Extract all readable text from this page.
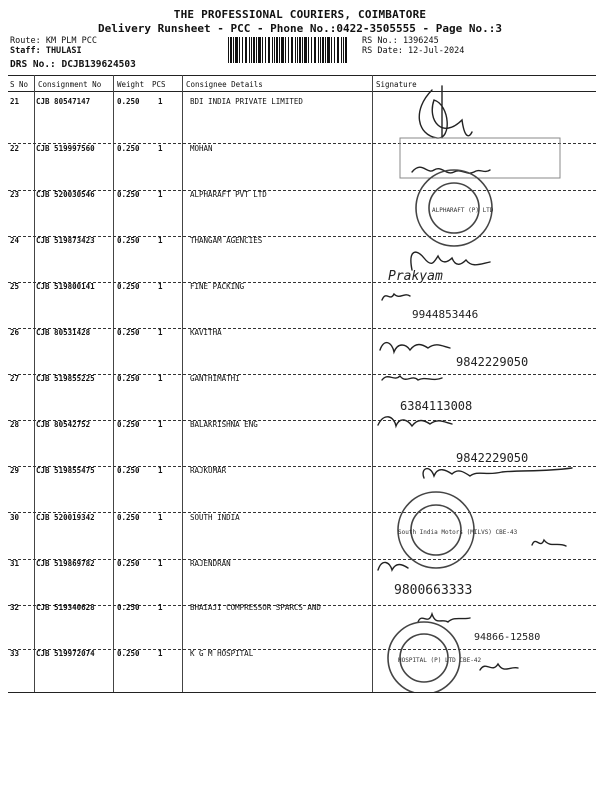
THE PROFESSIONAL COURIERS, COIMBATORE
Delivery Runsheet - PCC - Phone No.:0422-3505555 - Page No.:3
Route: KM PLM PCC
Staff: THULASI
DRS No.: DCJB139624503
RS No.: 1396245
RS Date: 12-Jul-2024
S No Consignment No Weight PCS	Consignee Details	Signature
21 CJB 80547147	0.250 1	BDI INDIA PRIVATE LIMITED
22 CJB 519997560	0.250 1	MOHAN
23 CJB 520030546	0.250 1	ALPHARAFT PVT LTD
24 CJB 519873423	0.250 1	THANGAM AGENCIES
25 CJB 519800141	0.250 1	FINE PACKING
26 CJB 80531428	0.250 1	KAVITHA
27 CJB 519855225	0.250 1	GANTHIMATHI
28 CJB 80542752	0.250 1	BALAKRISHNA ENG
29 CJB 519855475	0.250 1	RAJKUMAR
30 CJB 520019342	0.250 1	SOUTH INDIA
31 CJB 519869782	0.250 1	RAJENDRAN
32 CJB 519340628	0.250 1	BHAIAJI COMPRESSOR SPARCS AND
33 CJB 519972074	0.250 1	K G M HOSPITAL
Prakyam
9944853446
9842229050
6384113008
9842229050
9800663333
94866-12580
ALPHARAFT (P) LTD
South India Motors (MILVS) CBE-43
HOSPITAL (P) LTD CBE-42
